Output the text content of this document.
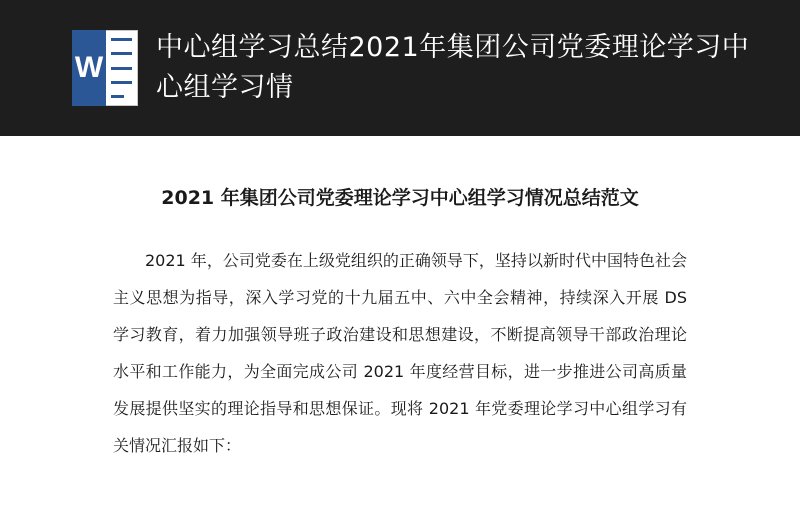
W
中心组学习总结2021年集团公司党委理论学习中心组学习情
2021 年集团公司党委理论学习中心组学习情况总结范文
2021 年，公司党委在上级党组织的正确领导下，坚持以新时代中国特色社会主义思想为指导，深入学习党的十九届五中、六中全会精神，持续深入开展 DS 学习教育，着力加强领导班子政治建设和思想建设，不断提高领导干部政治理论水平和工作能力，为全面完成公司 2021 年度经营目标，进一步推进公司高质量发展提供坚实的理论指导和思想保证。现将 2021 年党委理论学习中心组学习有关情况汇报如下：
